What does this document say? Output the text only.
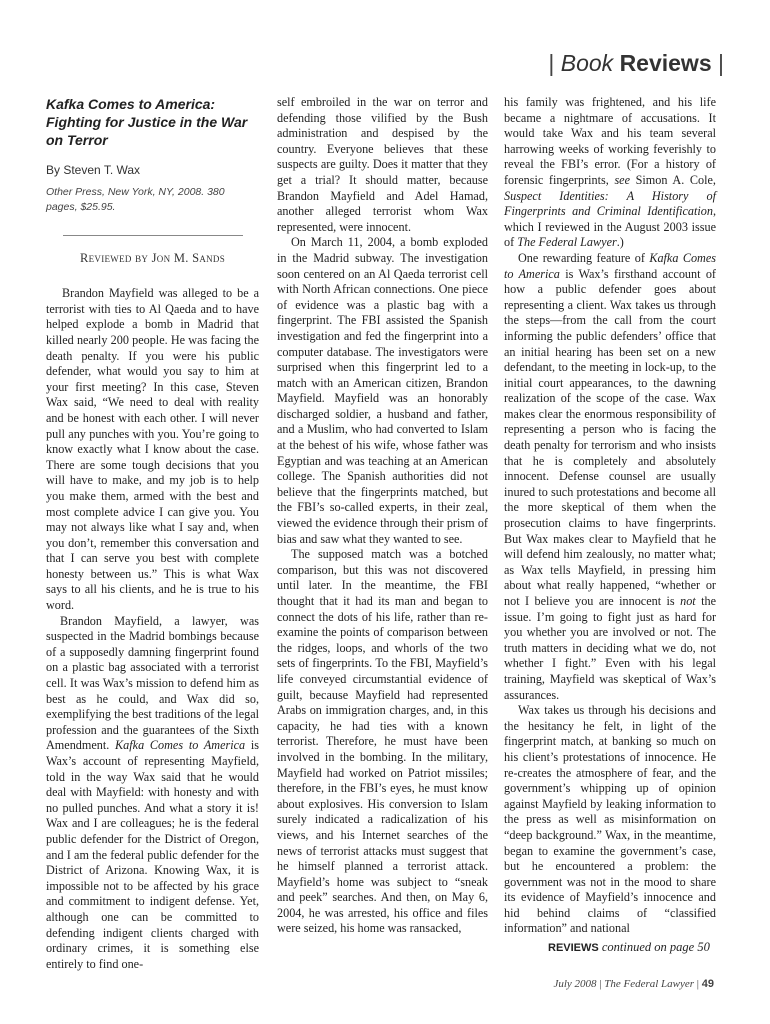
| Book Reviews |
Kafka Comes to America: Fighting for Justice in the War on Terror
By Steven T. Wax
Other Press, New York, NY, 2008. 380 pages, $25.95.
Reviewed by Jon M. Sands

Brandon Mayfield was alleged to be a terrorist with ties to Al Qaeda and to have helped explode a bomb in Madrid that killed nearly 200 people. He was facing the death penalty. If you were his public defender, what would you say to him at your first meeting? In this case, Steven Wax said, “We need to deal with reality and be honest with each other. I will never pull any punches with you. You’re going to know exactly what I know about the case. There are some tough decisions that you will have to make, and my job is to help you make them, armed with the best and most complete advice I can give you. You may not always like what I say and, when you don’t, remember this conversation and that I can serve you best with complete honesty between us.” This is what Wax says to all his clients, and he is true to his word.

Brandon Mayfield, a lawyer, was suspected in the Madrid bombings because of a supposedly damning fingerprint found on a plastic bag associated with a terrorist cell. It was Wax’s mission to defend him as best as he could, and Wax did so, exemplifying the best traditions of the legal profession and the guarantees of the Sixth Amendment. Kafka Comes to America is Wax’s account of representing Mayfield, told in the way Wax said that he would deal with Mayfield: with honesty and with no pulled punches. And what a story it is! Wax and I are colleagues; he is the federal public defender for the District of Oregon, and I am the federal public defender for the District of Arizona. Knowing Wax, it is impossible not to be affected by his grace and commitment to indigent defense. Yet, although one can be committed to defending indigent clients charged with ordinary crimes, it is something else entirely to find one-

self embroiled in the war on terror and defending those vilified by the Bush administration and despised by the country. Everyone believes that these suspects are guilty. Does it matter that they get a trial? It should matter, because Brandon Mayfield and Adel Hamad, another alleged terrorist whom Wax represented, were innocent.

On March 11, 2004, a bomb exploded in the Madrid subway. The investigation soon centered on an Al Qaeda terrorist cell with North African connections. One piece of evidence was a plastic bag with a fingerprint. The FBI assisted the Spanish investigation and fed the fingerprint into a computer database. The investigators were surprised when this fingerprint led to a match with an American citizen, Brandon Mayfield. Mayfield was an honorably discharged soldier, a husband and father, and a Muslim, who had converted to Islam at the behest of his wife, whose father was Egyptian and was teaching at an American college. The Spanish authorities did not believe that the fingerprints matched, but the FBI’s so-called experts, in their zeal, viewed the evidence through their prism of bias and saw what they wanted to see.

The supposed match was a botched comparison, but this was not discovered until later. In the meantime, the FBI thought that it had its man and began to connect the dots of his life, rather than re-examine the points of comparison between the ridges, loops, and whorls of the two sets of fingerprints. To the FBI, Mayfield’s life conveyed circumstantial evidence of guilt, because Mayfield had represented Arabs on immigration charges, and, in this capacity, he had ties with a known terrorist. Therefore, he must have been involved in the bombing. In the military, Mayfield had worked on Patriot missiles; therefore, in the FBI’s eyes, he must know about explosives. His conversion to Islam surely indicated a radicalization of his views, and his Internet searches of the news of terrorist attacks must suggest that he himself planned a terrorist attack. Mayfield’s home was subject to “sneak and peek” searches. And then, on May 6, 2004, he was arrested, his office and files were seized, his home was ransacked,

his family was frightened, and his life became a nightmare of accusations. It would take Wax and his team several harrowing weeks of working feverishly to reveal the FBI’s error. (For a history of forensic fingerprints, see Simon A. Cole, Suspect Identities: A History of Fingerprints and Criminal Identification, which I reviewed in the August 2003 issue of The Federal Lawyer.)

One rewarding feature of Kafka Comes to America is Wax’s firsthand account of how a public defender goes about representing a client. Wax takes us through the steps—from the call from the court informing the public defenders’ office that an initial hearing has been set on a new defendant, to the meeting in lock-up, to the initial court appearances, to the dawning realization of the scope of the case. Wax makes clear the enormous responsibility of representing a person who is facing the death penalty for terrorism and who insists that he is completely and absolutely innocent. Defense counsel are usually inured to such protestations and become all the more skeptical of them when the prosecution claims to have fingerprints. But Wax makes clear to Mayfield that he will defend him zealously, no matter what; as Wax tells Mayfield, in pressing him about what really happened, “whether or not I believe you are innocent is not the issue. I’m going to fight just as hard for you whether you are involved or not. The truth matters in deciding what we do, not whether I fight.” Even with his legal training, Mayfield was skeptical of Wax’s assurances.

Wax takes us through his decisions and the hesitancy he felt, in light of the fingerprint match, at banking so much on his client’s protestations of innocence. He re-creates the atmosphere of fear, and the government’s whipping up of opinion against Mayfield by leaking information to the press as well as misinformation on “deep background.” Wax, in the meantime, began to examine the government’s case, but he encountered a problem: the government was not in the mood to share its evidence of Mayfield’s innocence and hid behind claims of “classified information” and national

REVIEWS continued on page 50
July 2008 | The Federal Lawyer | 49
